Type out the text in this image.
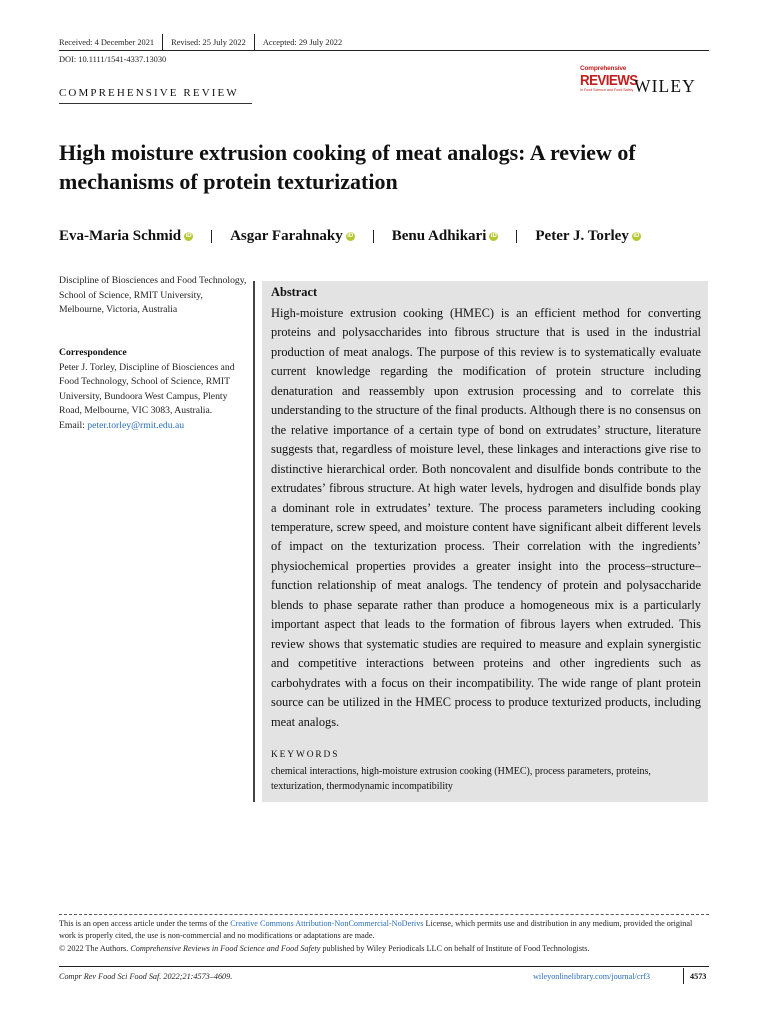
Received: 4 December 2021 Revised: 25 July 2022 Accepted: 29 July 2022
DOI: 10.1111/1541-4337.13030
COMPREHENSIVE REVIEW
Comprehensive
REVIEWS
In Food Science and Food Safety WILEY
High moisture extrusion cooking of meat analogs: A review of mechanisms of protein texturization
Eva-Maria Schmid iD	Asgar Farahnaky iD	Benu Adhikari iD	Peter J. Torley iD
Discipline of Biosciences and Food Technology, School of Science, RMIT University, Melbourne, Victoria, Australia
Correspondence
Peter J. Torley, Discipline of Biosciences and Food Technology, School of Science, RMIT University, Bundoora West Campus, Plenty Road, Melbourne, VIC 3083, Australia.
Email: peter.torley@rmit.edu.au
Abstract

High-moisture extrusion cooking (HMEC) is an efficient method for converting proteins and polysaccharides into fibrous structure that is used in the industrial production of meat analogs. The purpose of this review is to systematically evaluate current knowledge regarding the modification of protein structure including denaturation and reassembly upon extrusion processing and to correlate this understanding to the structure of the final products. Although there is no consensus on the relative importance of a certain type of bond on extrudates’ structure, literature suggests that, regardless of moisture level, these linkages and interactions give rise to distinctive hierarchical order. Both noncovalent and disulfide bonds contribute to the extrudates’ fibrous structure. At high water levels, hydrogen and disulfide bonds play a dominant role in extrudates’ texture. The process parameters including cooking temperature, screw speed, and moisture content have significant albeit different levels of impact on the texturization process. Their correlation with the ingredients’ physiochemical properties provides a greater insight into the process–structure–function relationship of meat analogs. The tendency of protein and polysaccharide blends to phase separate rather than produce a homogeneous mix is a particularly important aspect that leads to the formation of fibrous layers when extruded. This review shows that systematic studies are required to measure and explain synergistic and competitive interactions between proteins and other ingredients such as carbohydrates with a focus on their incompatibility. The wide range of plant protein source can be utilized in the HMEC process to produce texturized products, including meat analogs.

KEYWORDS

chemical interactions, high-moisture extrusion cooking (HMEC), process parameters, proteins, texturization, thermodynamic incompatibility

This is an open access article under the terms of the Creative Commons Attribution-NonCommercial-NoDerivs License, which permits use and distribution in any medium, provided the original work is properly cited, the use is non-commercial and no modifications or adaptations are made.

© 2022 The Authors. Comprehensive Reviews in Food Science and Food Safety published by Wiley Periodicals LLC on behalf of Institute of Food Technologists.

Compr Rev Food Sci Food Saf. 2022;21:4573–4609.	wileyonlinelibrary.com/journal/crf3	4573
